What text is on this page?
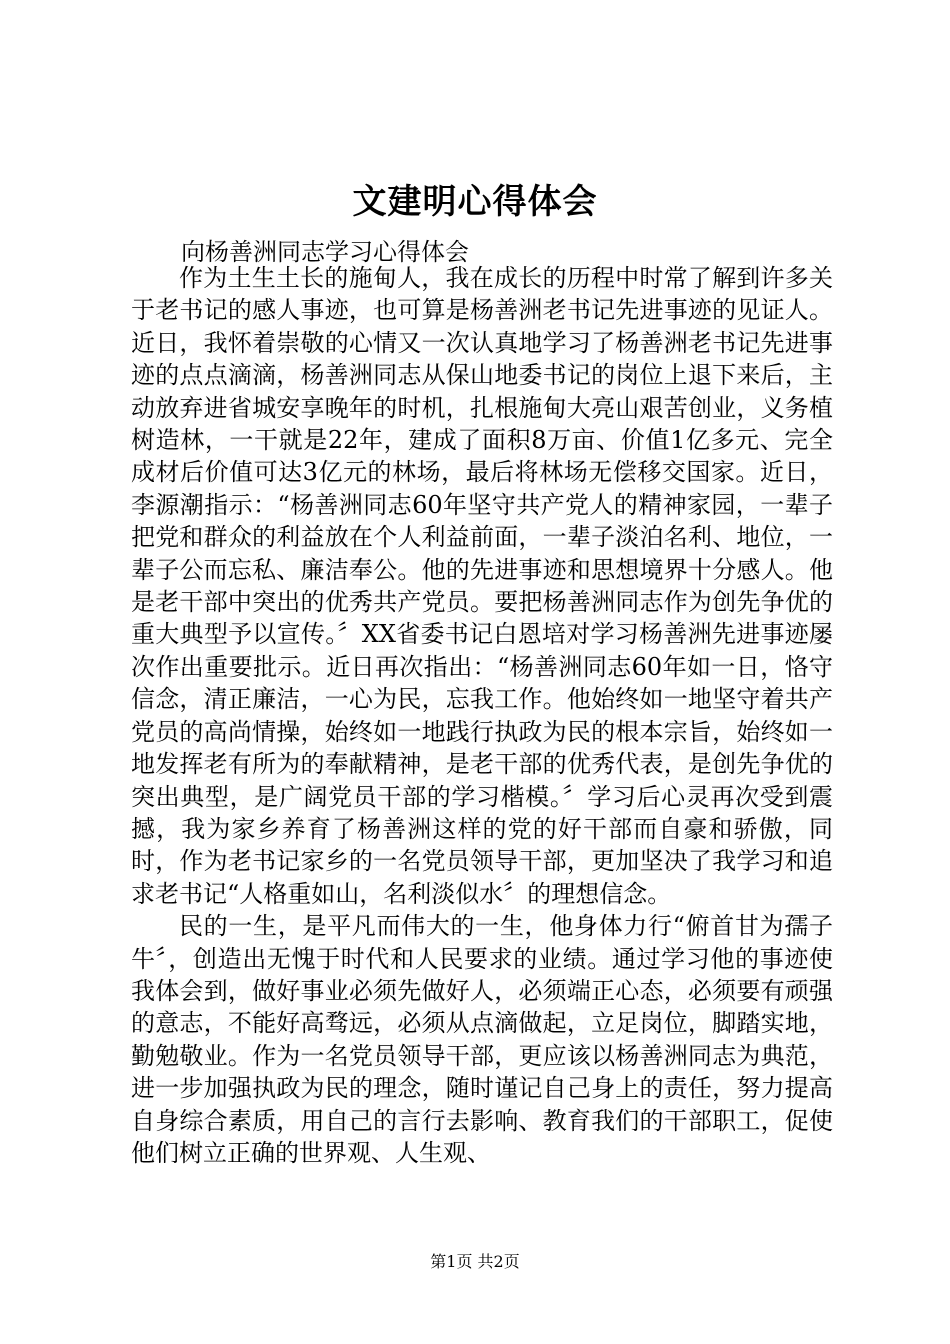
文建明心得体会
向杨善洲同志学习心得体会

作为土生土长的施甸人，我在成长的历程中时常了解到许多关于老书记的感人事迹，也可算是杨善洲老书记先进事迹的见证人。近日，我怀着崇敬的心情又一次认真地学习了杨善洲老书记先进事迹的点点滴滴，杨善洲同志从保山地委书记的岗位上退下来后，主动放弃进省城安享晚年的时机，扎根施甸大亮山艰苦创业，义务植树造林，一干就是22年，建成了面积8万亩、价值1亿多元、完全成材后价值可达3亿元的林场，最后将林场无偿移交国家。近日，李源潮指示：“杨善洲同志60年坚守共产党人的精神家园，一辈子把党和群众的利益放在个人利益前面，一辈子淡泊名利、地位，一辈子公而忘私、廉洁奉公。他的先进事迹和思想境界十分感人。他是老干部中突出的优秀共产党员。要把杨善洲同志作为创先争优的重大典型予以宣传。〞XX省委书记白恩培对学习杨善洲先进事迹屡次作出重要批示。近日再次指出：“杨善洲同志60年如一日，恪守信念，清正廉洁，一心为民，忘我工作。他始终如一地坚守着共产党员的高尚情操，始终如一地践行执政为民的根本宗旨，始终如一地发挥老有所为的奉献精神，是老干部的优秀代表，是创先争优的突出典型，是广阔党员干部的学习楷模。〞学习后心灵再次受到震撼，我为家乡养育了杨善洲这样的党的好干部而自豪和骄傲，同时，作为老书记家乡的一名党员领导干部，更加坚决了我学习和追求老书记“人格重如山，名利淡似水〞的理想信念。

民的一生，是平凡而伟大的一生，他身体力行“俯首甘为孺子牛〞，创造出无愧于时代和人民要求的业绩。通过学习他的事迹使我体会到，做好事业必须先做好人，必须端正心态，必须要有顽强的意志，不能好高骛远，必须从点滴做起，立足岗位，脚踏实地，勤勉敬业。作为一名党员领导干部，更应该以杨善洲同志为典范，进一步加强执政为民的理念，随时谨记自己身上的责任，努力提高自身综合素质，用自己的言行去影响、教育我们的干部职工，促使他们树立正确的世界观、人生观、

第1页 共2页
